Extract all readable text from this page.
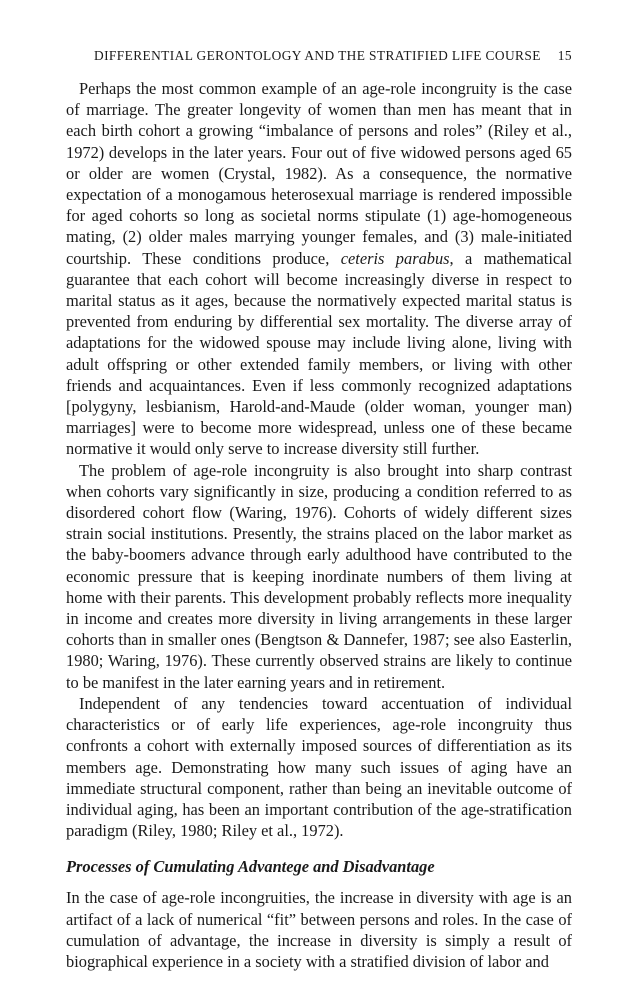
DIFFERENTIAL GERONTOLOGY AND THE STRATIFIED LIFE COURSE 15

Perhaps the most common example of an age-role incongruity is the case of marriage. The greater longevity of women than men has meant that in each birth cohort a growing “imbalance of persons and roles” (Riley et al., 1972) develops in the later years. Four out of five widowed persons aged 65 or older are women (Crystal, 1982). As a consequence, the normative expectation of a monogamous heterosexual marriage is rendered impossible for aged cohorts so long as societal norms stipulate (1) age-homogeneous mating, (2) older males marrying younger females, and (3) male-initiated courtship. These conditions produce, ceteris parabus, a mathematical guarantee that each cohort will become increasingly diverse in respect to marital status as it ages, because the normatively expected marital status is prevented from enduring by differential sex mortality. The diverse array of adaptations for the widowed spouse may include living alone, living with adult offspring or other extended family members, or living with other friends and acquaintances. Even if less commonly recognized adaptations [polygyny, lesbianism, Harold-and-Maude (older woman, younger man) marriages] were to become more widespread, unless one of these became normative it would only serve to increase diversity still further.

The problem of age-role incongruity is also brought into sharp contrast when cohorts vary significantly in size, producing a condition referred to as disordered cohort flow (Waring, 1976). Cohorts of widely different sizes strain social institutions. Presently, the strains placed on the labor market as the baby-boomers advance through early adulthood have contributed to the economic pressure that is keeping inordinate numbers of them living at home with their parents. This development probably reflects more inequality in income and creates more diversity in living arrangements in these larger cohorts than in smaller ones (Bengtson & Dannefer, 1987; see also Easterlin, 1980; Waring, 1976). These currently observed strains are likely to continue to be manifest in the later earning years and in retirement.

Independent of any tendencies toward accentuation of individual characteristics or of early life experiences, age-role incongruity thus confronts a cohort with externally imposed sources of differentiation as its members age. Demonstrating how many such issues of aging have an immediate structural component, rather than being an inevitable outcome of individual aging, has been an important contribution of the age-stratification paradigm (Riley, 1980; Riley et al., 1972).

Processes of Cumulating Advantege and Disadvantage

In the case of age-role incongruities, the increase in diversity with age is an artifact of a lack of numerical “fit” between persons and roles. In the case of cumulation of advantage, the increase in diversity is simply a result of biographical experience in a society with a stratified division of labor and
